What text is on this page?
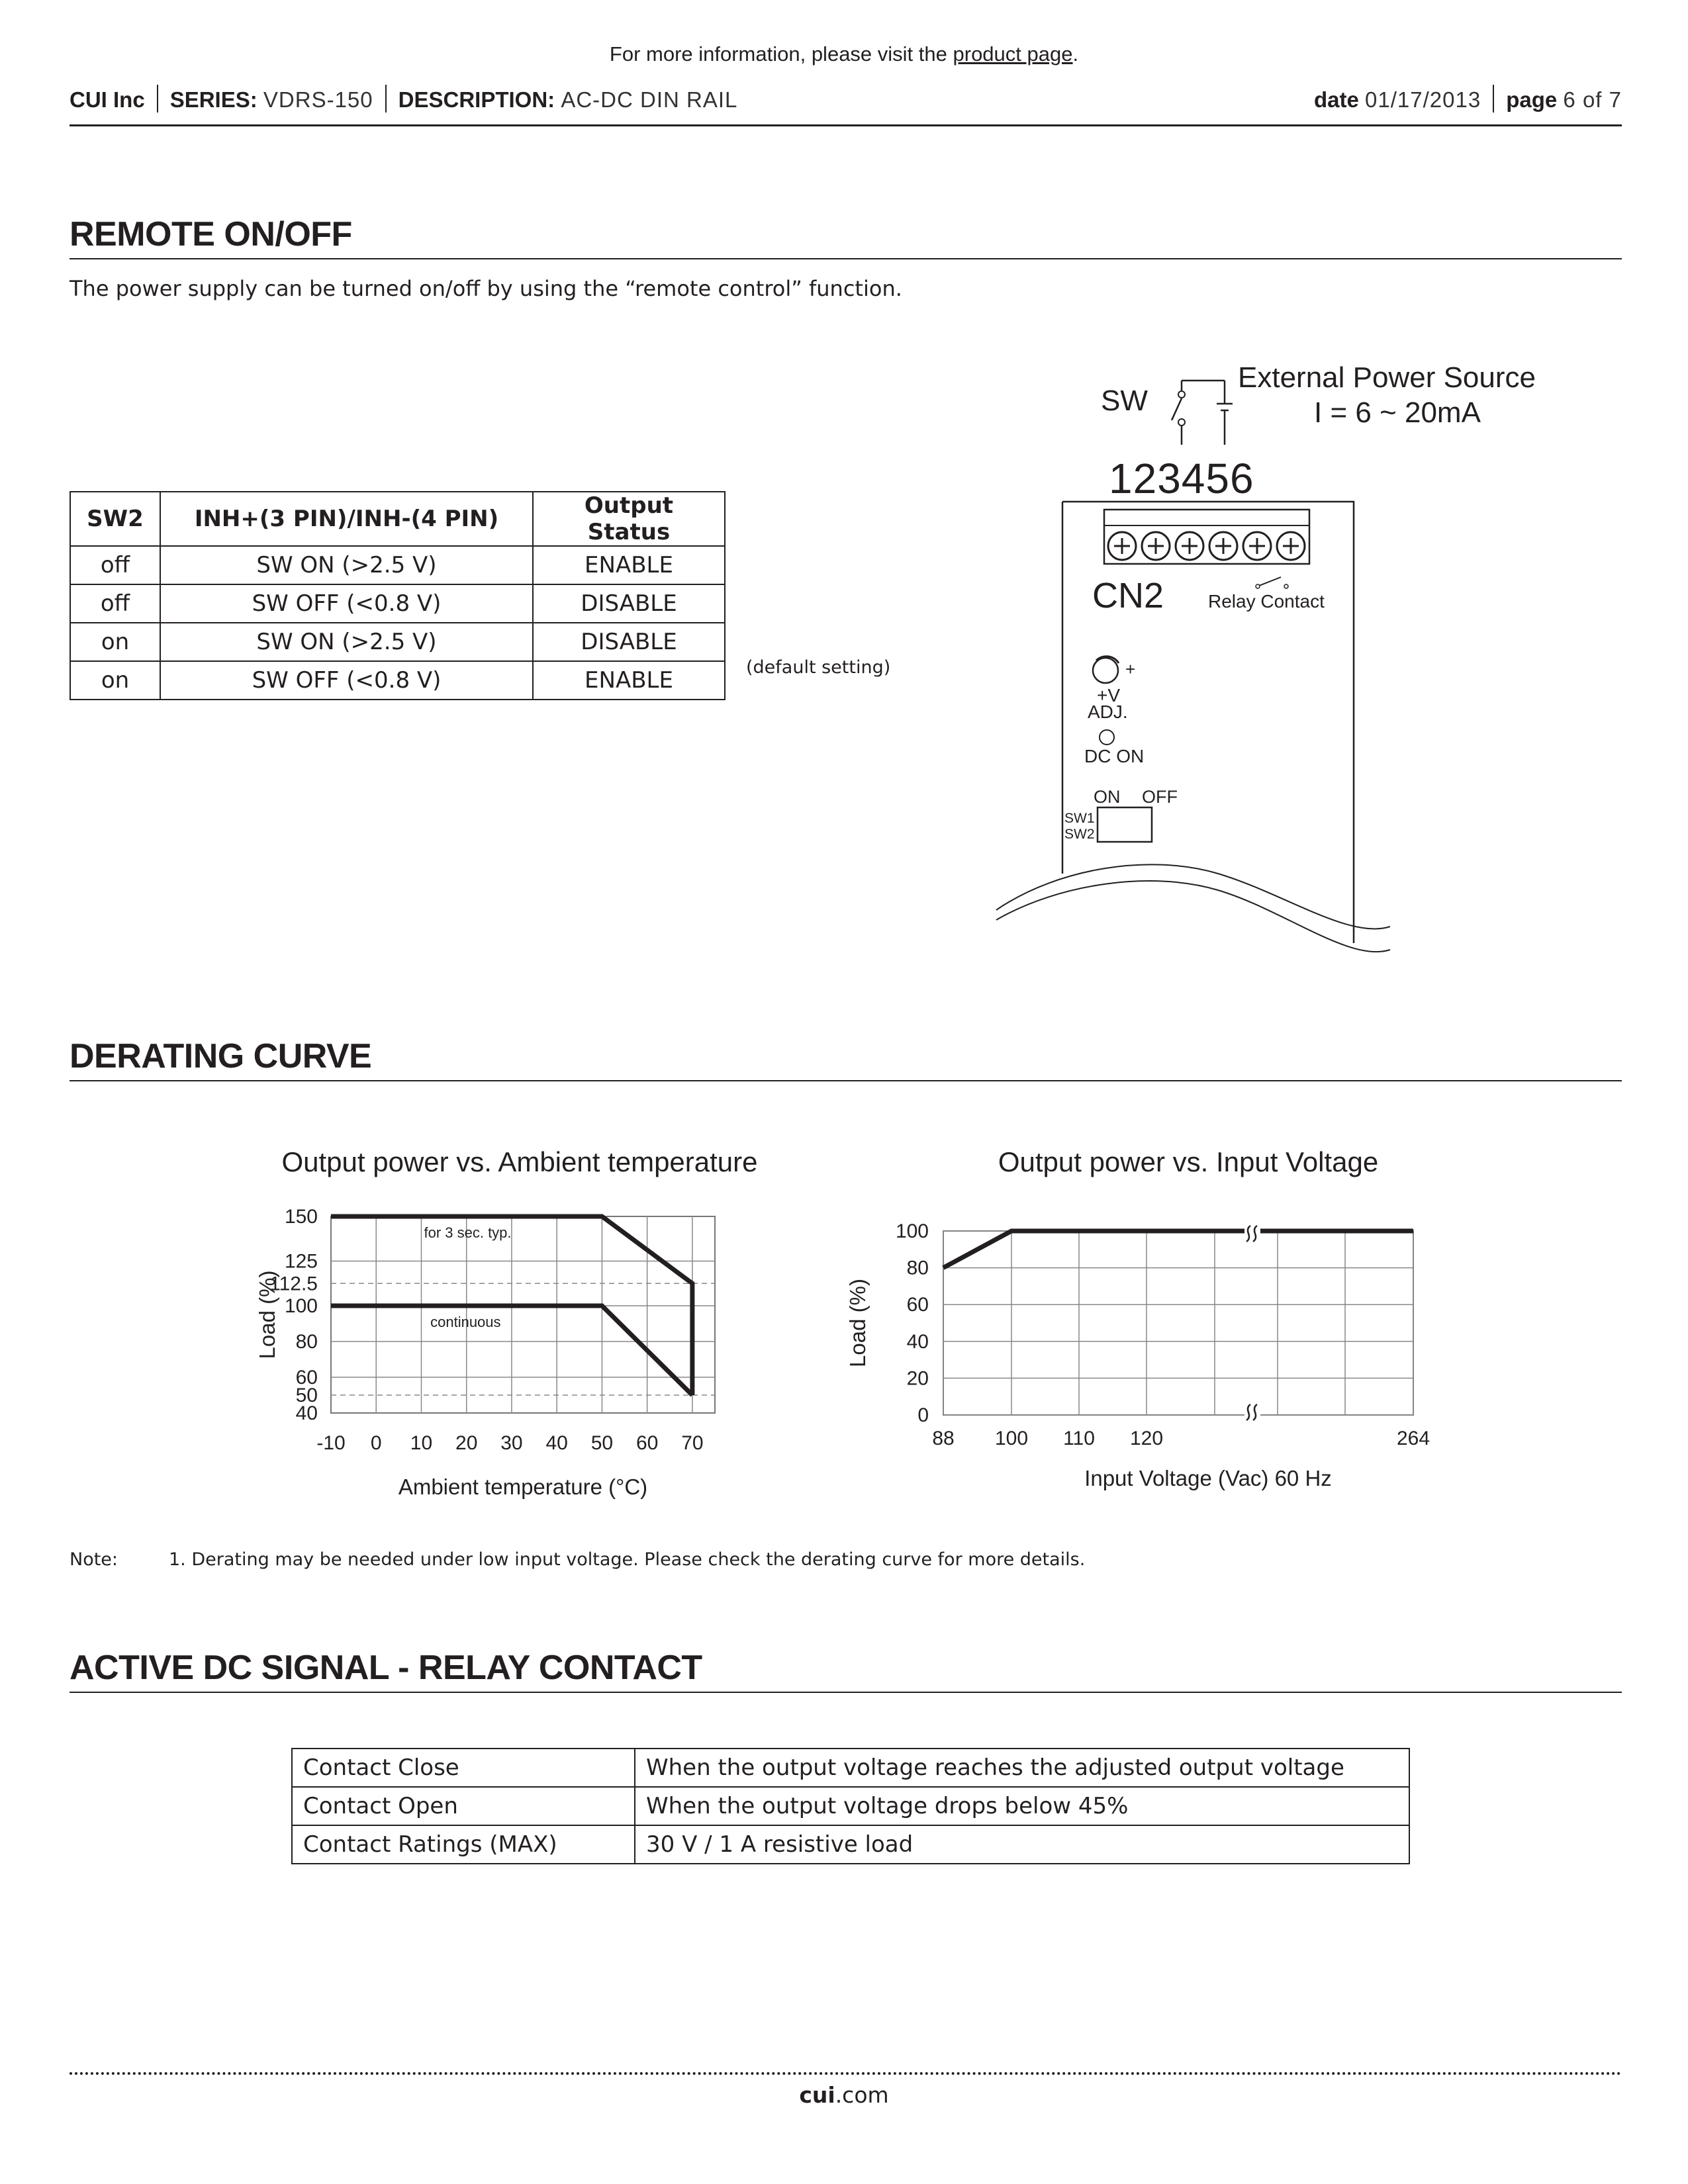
For more information, please visit the product page.
CUI Inc SERIES: VDRS-150 DESCRIPTION: AC-DC DIN RAIL	date 01/17/2013 page 6 of 7
REMOTE ON/OFF
The power supply can be turned on/off by using the “remote control” function.
SW2	INH+(3 PIN)/INH-(4 PIN)	Output Status
off	SW ON (>2.5 V)	ENABLE
off	SW OFF (<0.8 V)	DISABLE
on	SW ON (>2.5 V)	DISABLE
on	SW OFF (<0.8 V)	ENABLE	(default setting)
SW
External Power Source
I = 6 ~ 20mA
123456
CN2 Relay Contact
+
+V
ADJ.
DC ON
ON OFF
SW1
SW2
DERATING CURVE
Output power vs. Ambient temperature
150
125
112.5
100
80
60
50
40
-10 0 10 20 30 40 50 60 70
for 3 sec. typ.
continuous
Ambient temperature (°C)
Load (%)
Output power vs. Input Voltage
0
20
40
60
80
100
88 100 110 120	264
Input Voltage (Vac) 60 Hz
Load (%)
Note:	1. Derating may be needed under low input voltage. Please check the derating curve for more details.
ACTIVE DC SIGNAL - RELAY CONTACT
Contact Close	When the output voltage reaches the adjusted output voltage
Contact Open	When the output voltage drops below 45%
Contact Ratings (MAX)	30 V / 1 A resistive load
cui.com
